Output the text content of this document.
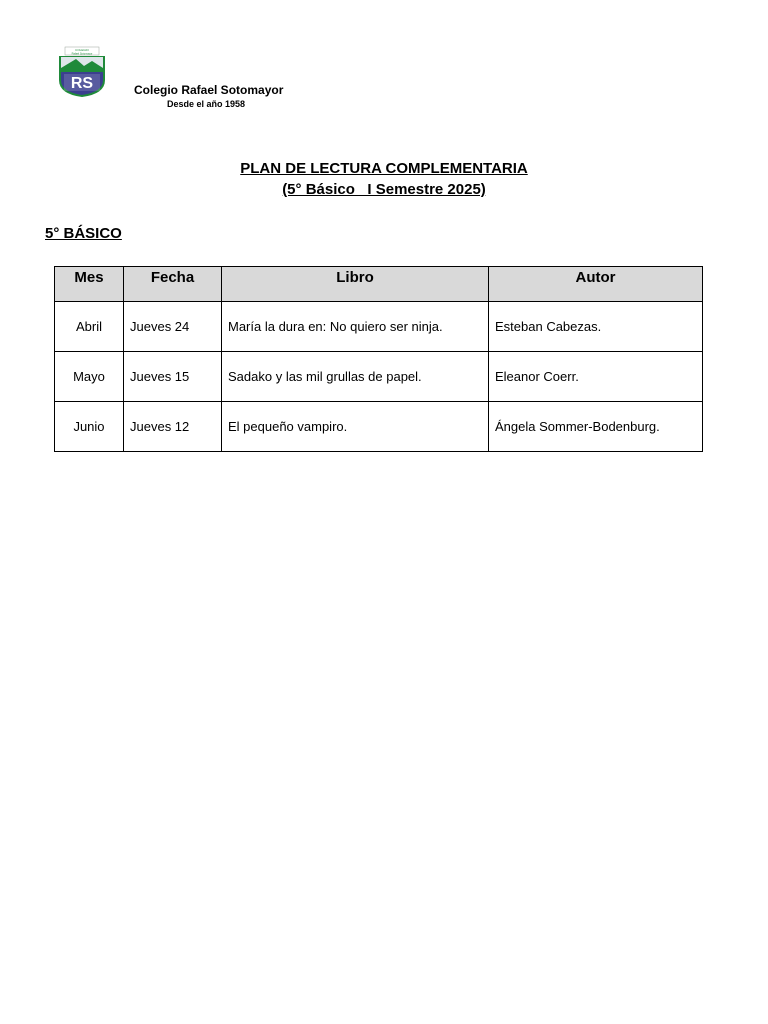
COLEGIO
Rafael Sotomayor
RS	Colegio Rafael Sotomayor
Desde el año 1958
PLAN DE LECTURA COMPLEMENTARIA
(5° Básico   I Semestre 2025)
5° BÁSICO
Mes	Fecha	Libro	Autor
Abril	Jueves 24	María la dura en: No quiero ser ninja.	Esteban Cabezas.
Mayo	Jueves 15	Sadako y las mil grullas de papel.	Eleanor Coerr.
Junio	Jueves 12	El pequeño vampiro.	Ángela Sommer-Bodenburg.
